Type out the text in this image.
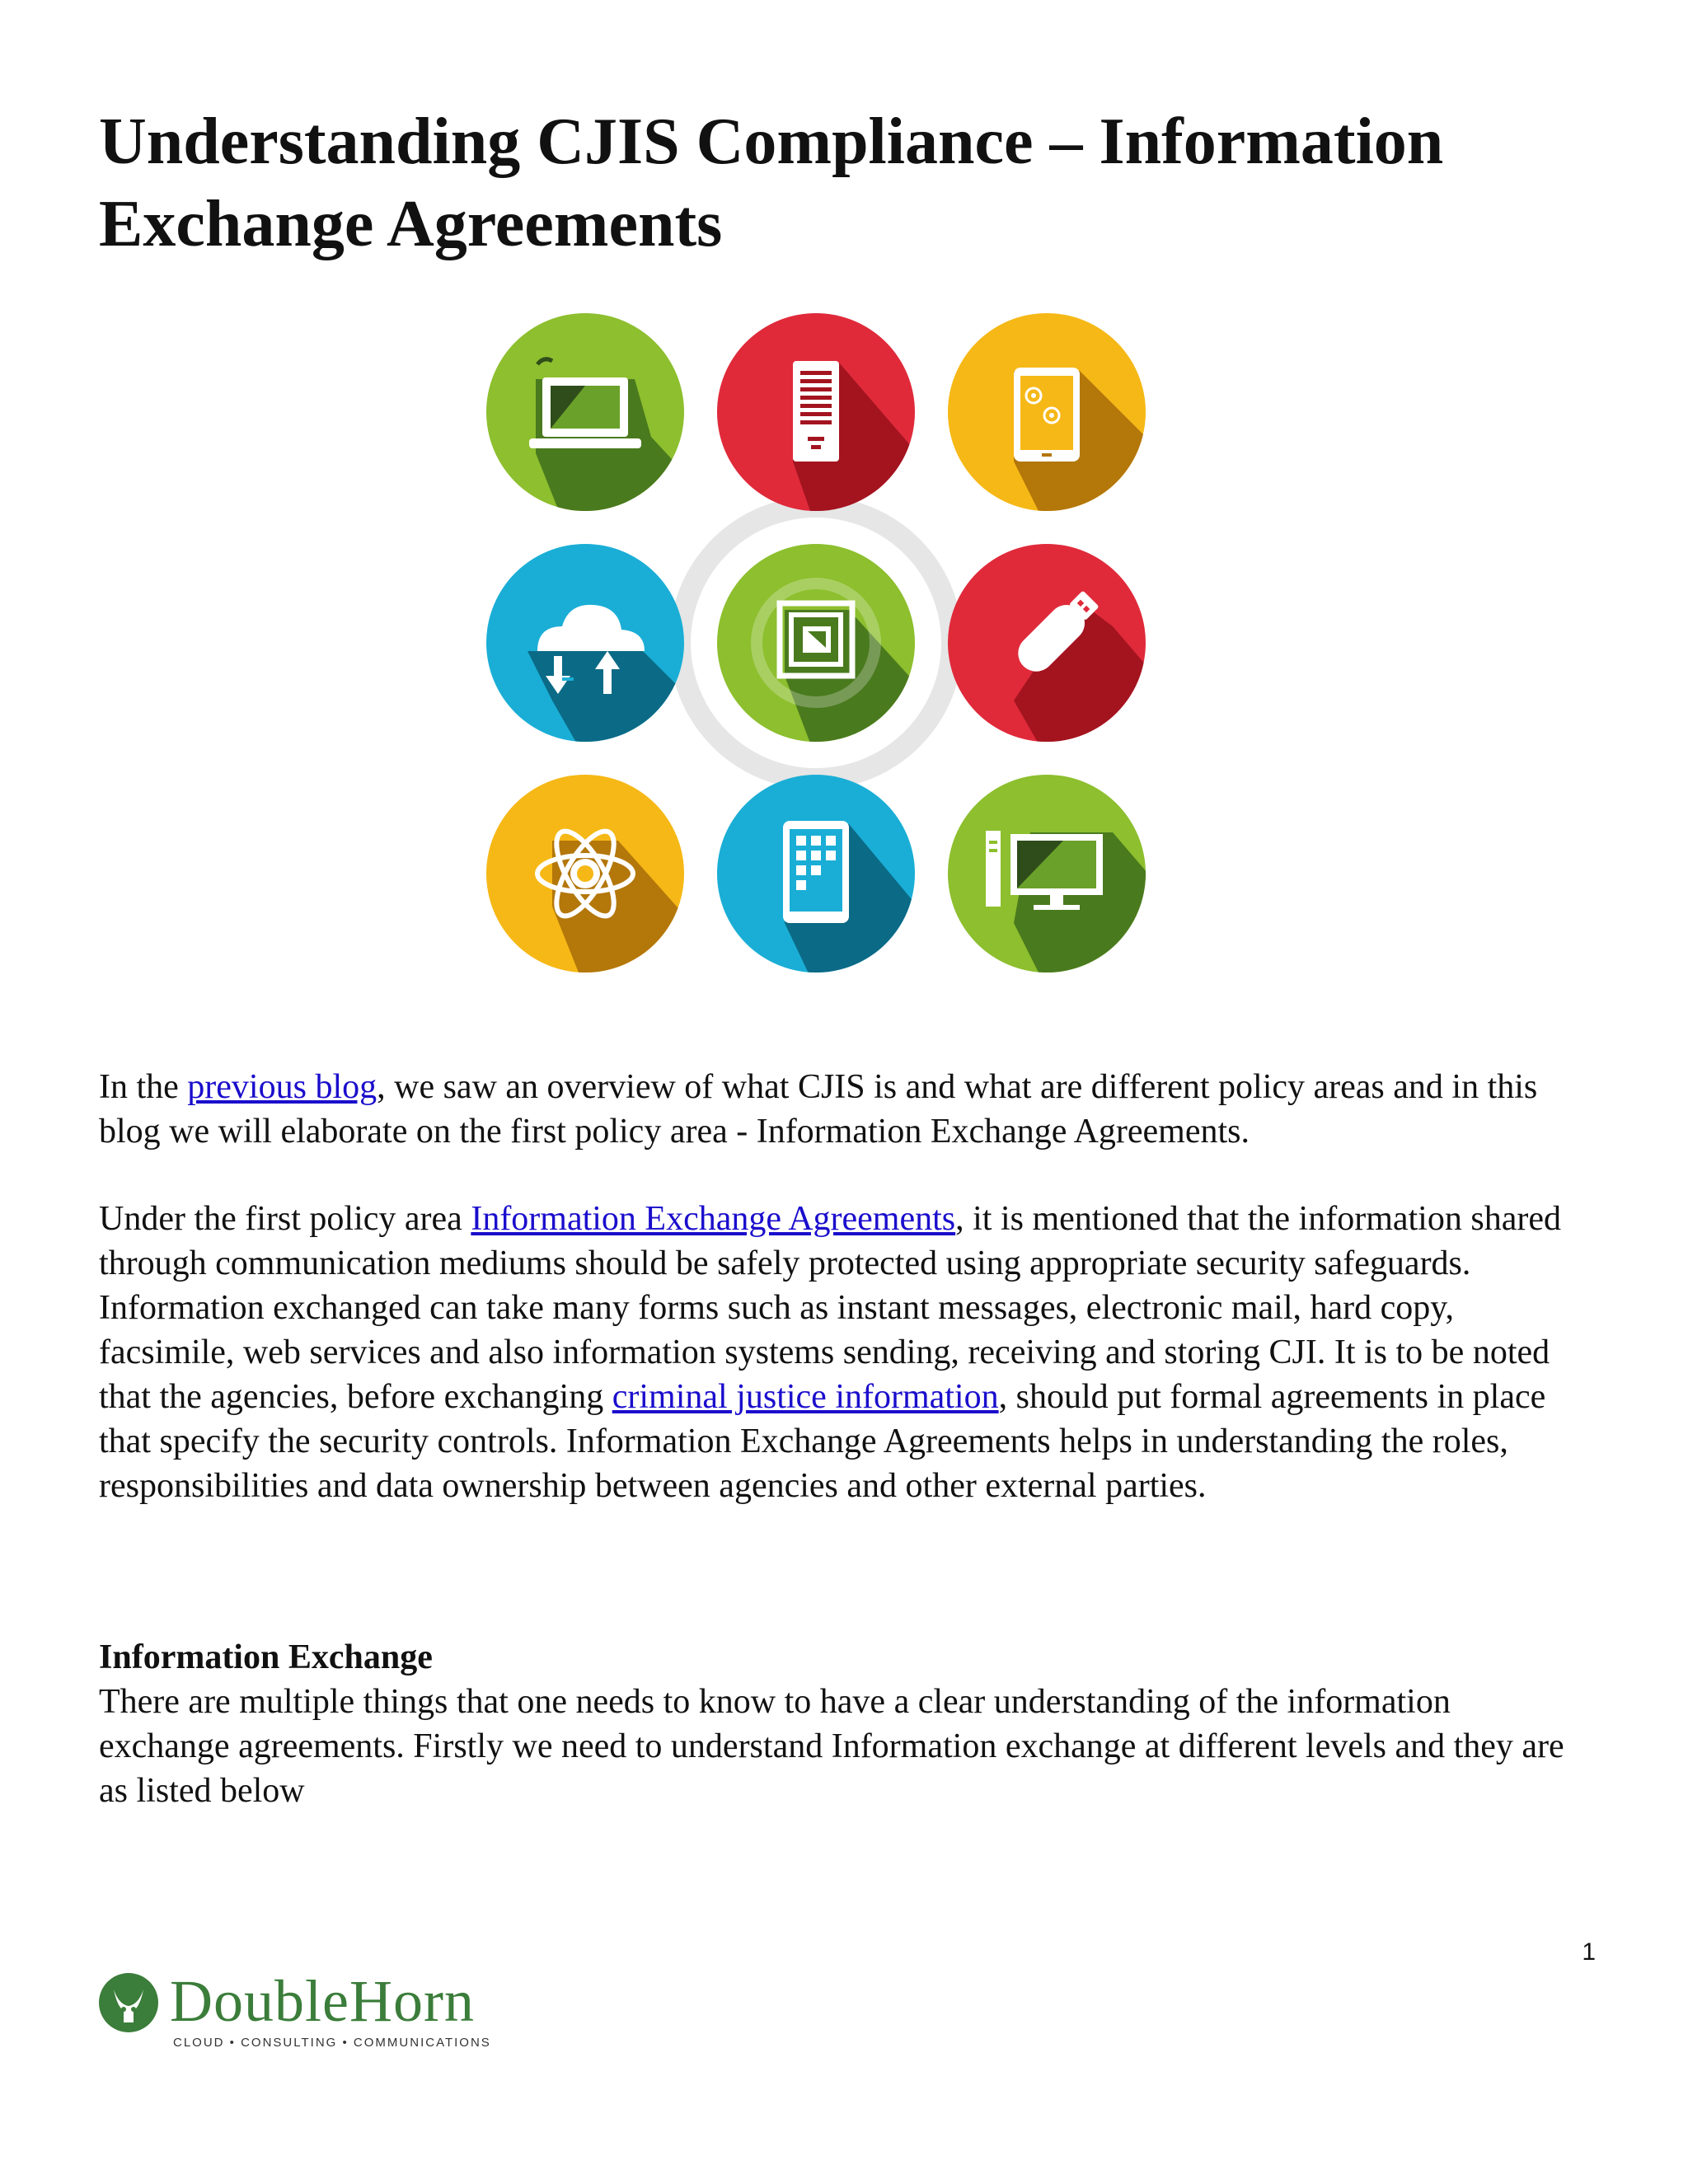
Understanding CJIS Compliance – Information Exchange Agreements

In the previous blog, we saw an overview of what CJIS is and what are different policy areas and in this blog we will elaborate on the first policy area - Information Exchange Agreements.

Under the first policy area Information Exchange Agreements, it is mentioned that the information shared through communication mediums should be safely protected using appropriate security safeguards. Information exchanged can take many forms such as instant messages, electronic mail, hard copy, facsimile, web services and also information systems sending, receiving and storing CJI. It is to be noted that the agencies, before exchanging criminal justice information, should put formal agreements in place that specify the security controls. Information Exchange Agreements helps in understanding the roles, responsibilities and data ownership between agencies and other external parties.

Information Exchange

There are multiple things that one needs to know to have a clear understanding of the information exchange agreements. Firstly we need to understand Information exchange at different levels and they are as listed below

1
DoubleHorn
CLOUD • CONSULTING • COMMUNICATIONS
